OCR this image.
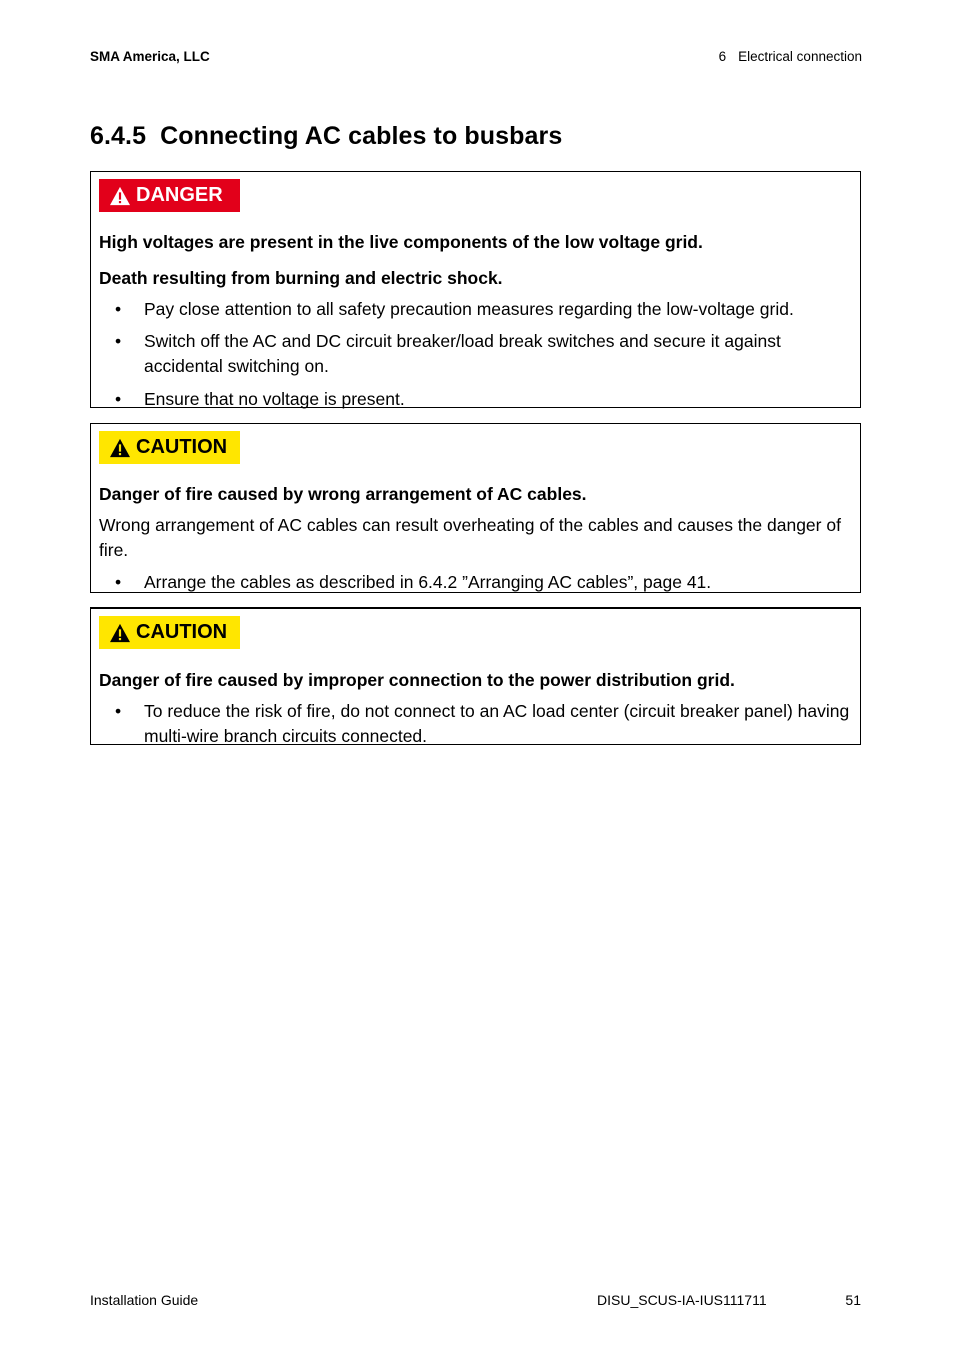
SMA America, LLC	6 Electrical connection
6.4.5 Connecting AC cables to busbars
DANGER

High voltages are present in the live components of the low voltage grid.

Death resulting from burning and electric shock.

• Pay close attention to all safety precaution measures regarding the low-voltage grid.
• Switch off the AC and DC circuit breaker/load break switches and secure it against accidental switching on.
• Ensure that no voltage is present.
CAUTION

Danger of fire caused by wrong arrangement of AC cables.

Wrong arrangement of AC cables can result overheating of the cables and causes the danger of fire.

• Arrange the cables as described in 6.4.2 ”Arranging AC cables”, page 41.
CAUTION

Danger of fire caused by improper connection to the power distribution grid.

• To reduce the risk of fire, do not connect to an AC load center (circuit breaker panel) having multi-wire branch circuits connected.
Installation Guide	DISU_SCUS-IA-IUS111711	51
